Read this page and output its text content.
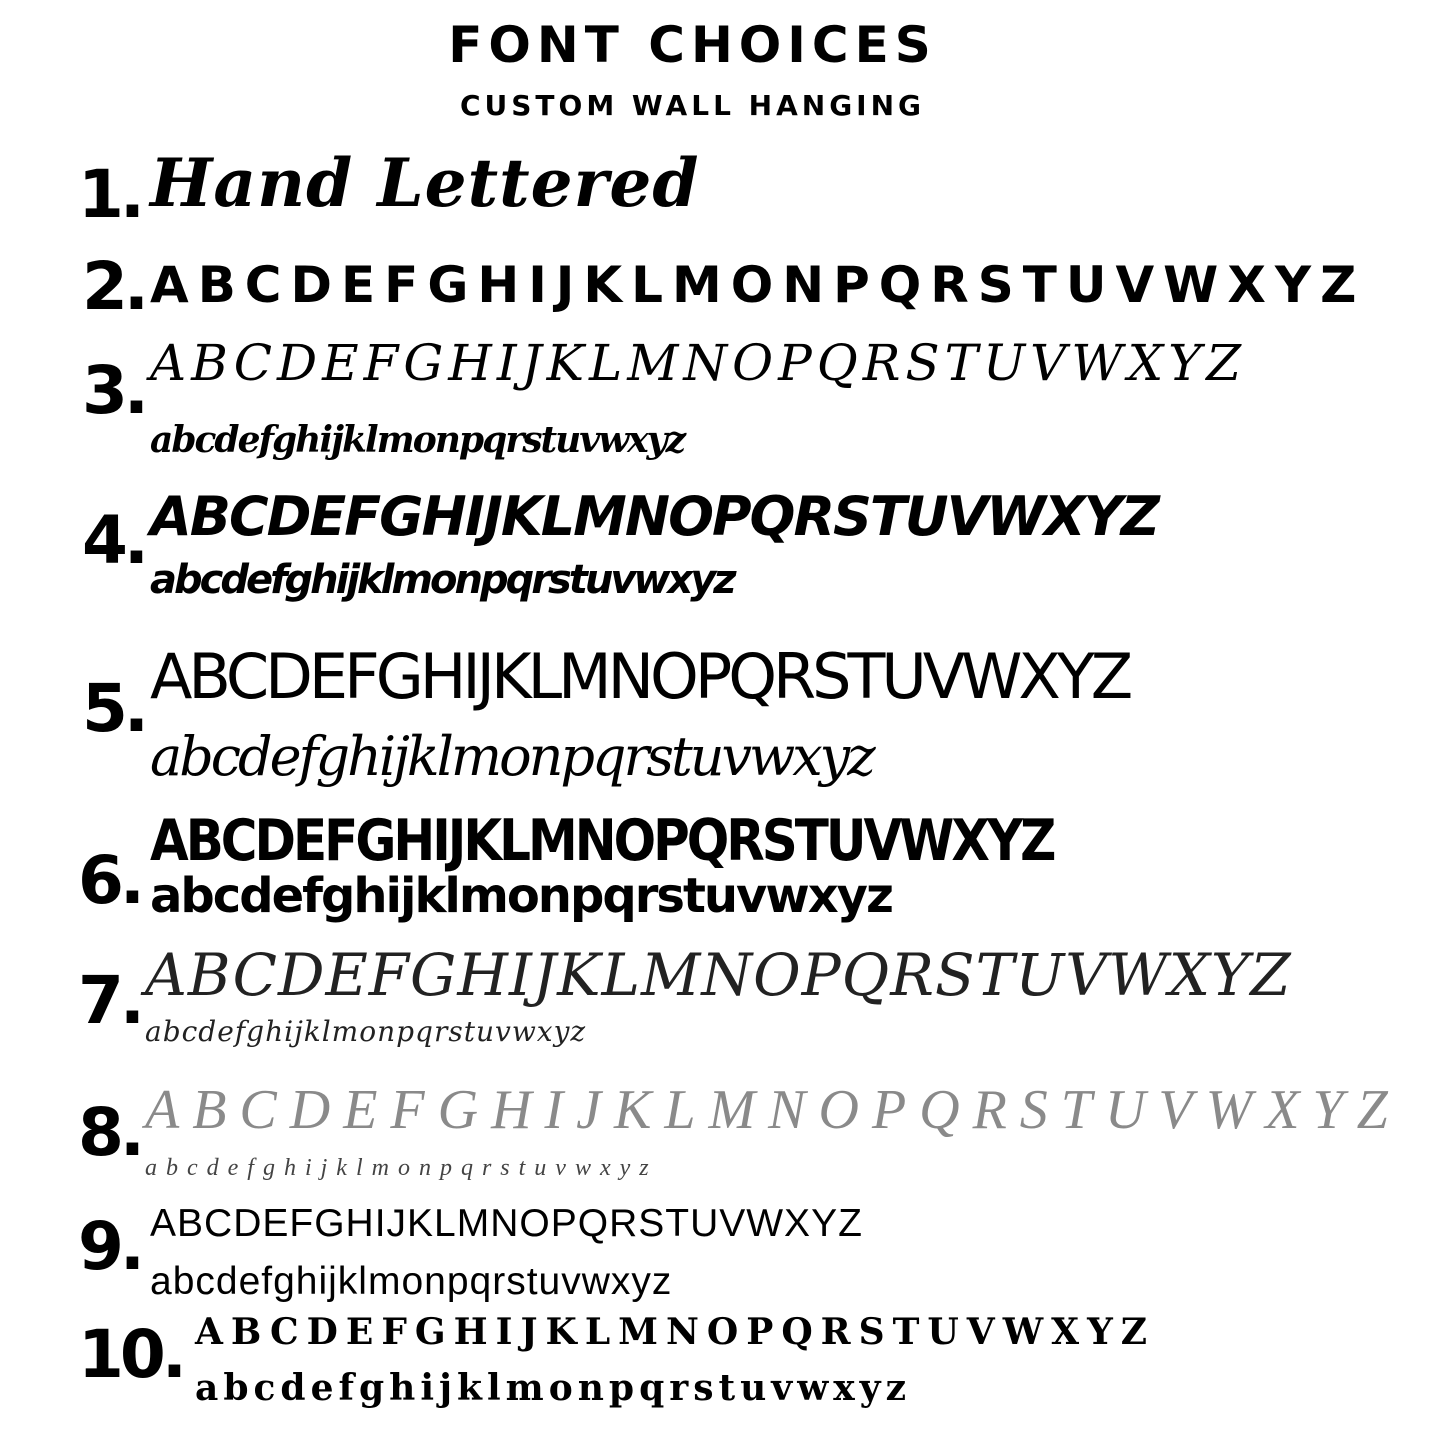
FONT CHOICES
CUSTOM WALL HANGING
1. Hand Lettered
2. ABCDEFGHIJKLMONPQRSTUVWXYZ
3. ABCDEFGHIJKLMNOPQRSTUVWXYZ
abcdefghijklmonpqrstuvwxyz
4. ABCDEFGHIJKLMNOPQRSTUVWXYZ
abcdefghijklmonpqrstuvwxyz
5. ABCDEFGHIJKLMNOPQRSTUVWXYZ
abcdefghijklmonpqrstuvwxyz
6.
ABCDEFGHIJKLMNOPQRSTUVWXYZ
abcdefghijklmonpqrstuvwxyz
7. ABCDEFGHIJKLMNOPQRSTUVWXYZ
abcdefghijklmonpqrstuvwxyz
8. ABCDEFGHIJKLMNOPQRSTUVWXYZ
abcdefghijklmonpqrstuvwxyz
9. ABCDEFGHIJKLMNOPQRSTUVWXYZ
abcdefghijklmonpqrstuvwxyz
10. ABCDEFGHIJKLMNOPQRSTUVWXYZ
abcdefghijklmonpqrstuvwxyz
